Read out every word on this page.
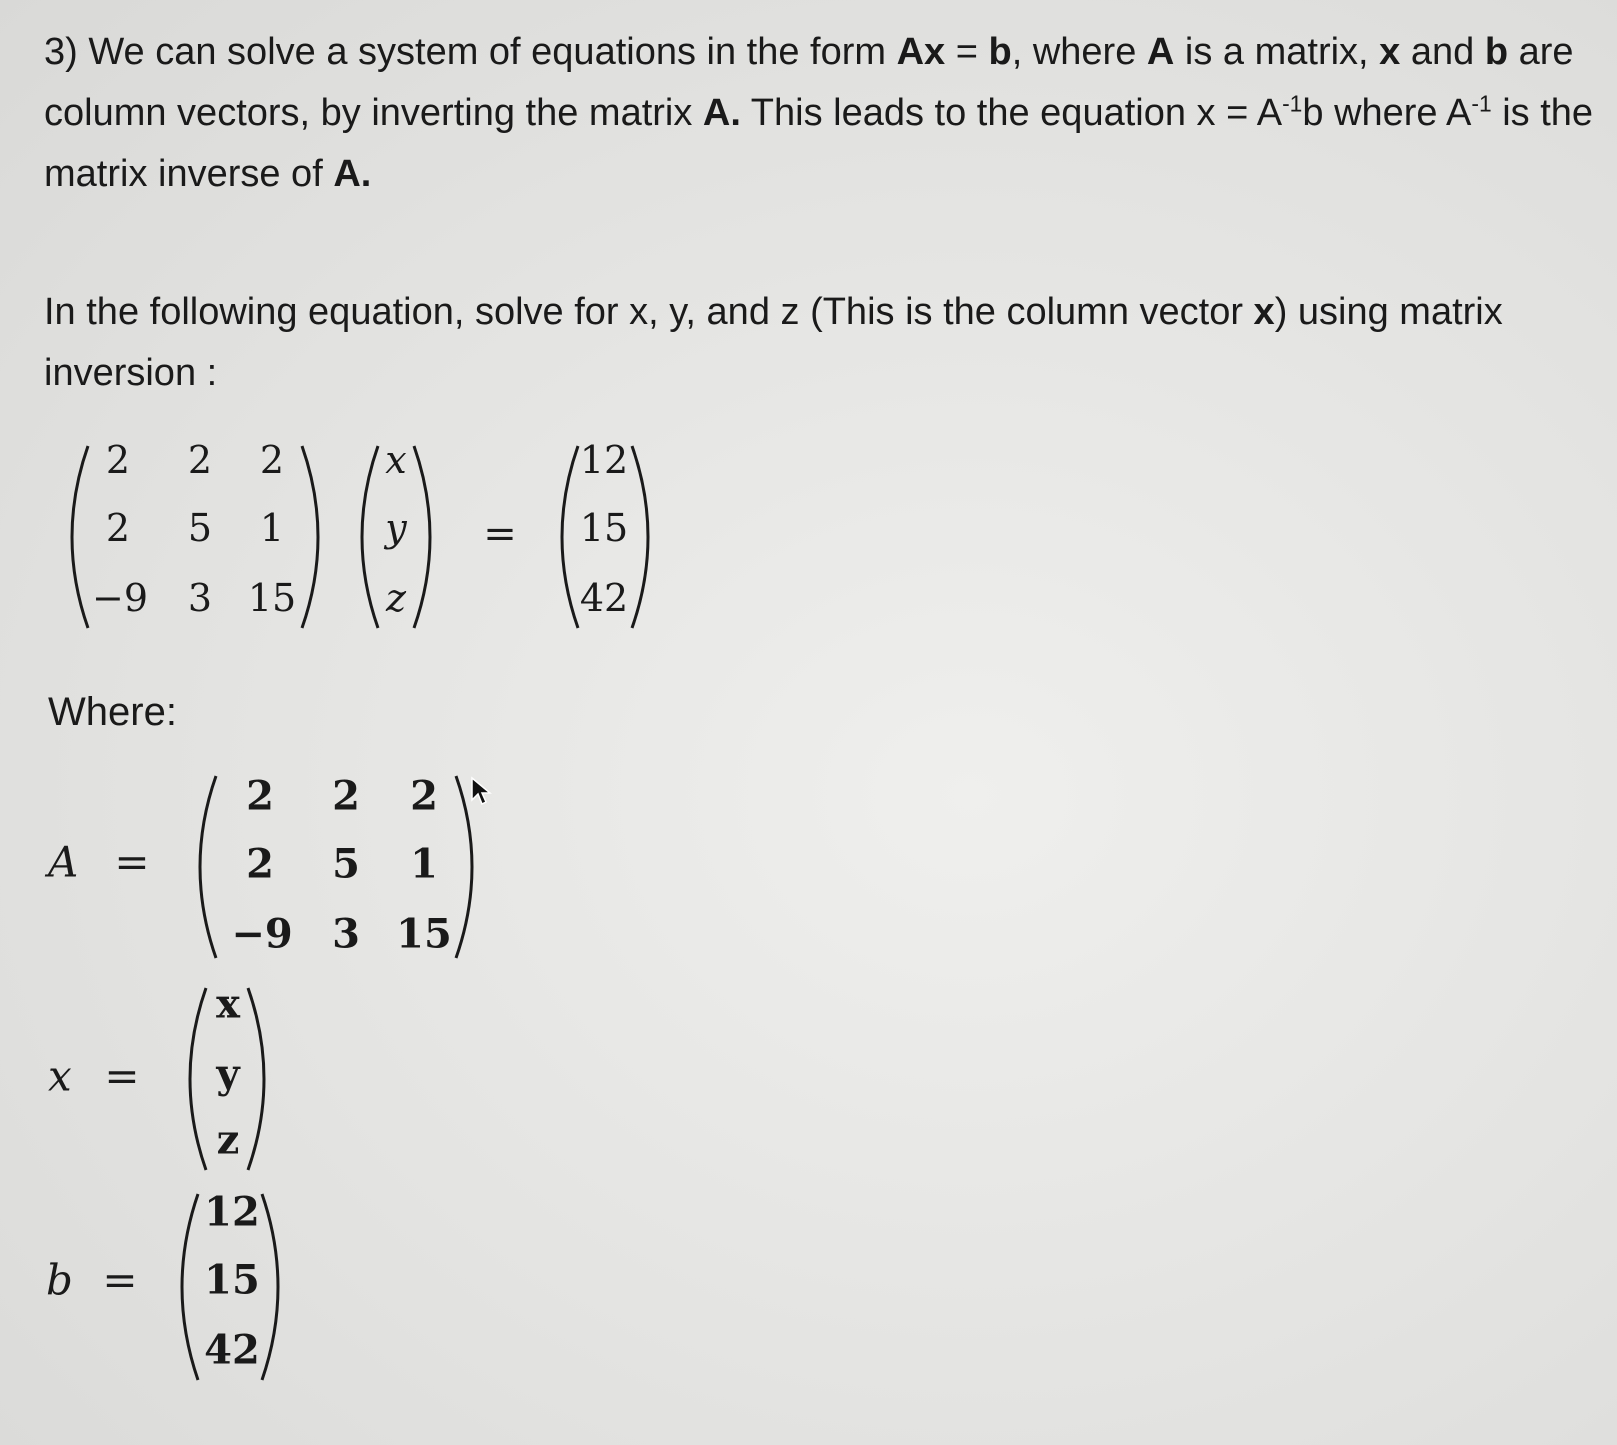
3) We can solve a system of equations in the form Ax = b, where A is a matrix, x and b are column vectors, by inverting the matrix A. This leads to the equation $x = A^{-1}b$ where $A^{-1}$ is the matrix inverse of A.
In the following equation, solve for x, y, and z (This is the column vector x) using matrix inversion :
2 2 2
2 5 1
−9 3 15
x
y
z
=
12
15
42
Where:
A =
2 2 2
2 5 1
−9 3 15
x =
x
y
z
b =
12
15
42
